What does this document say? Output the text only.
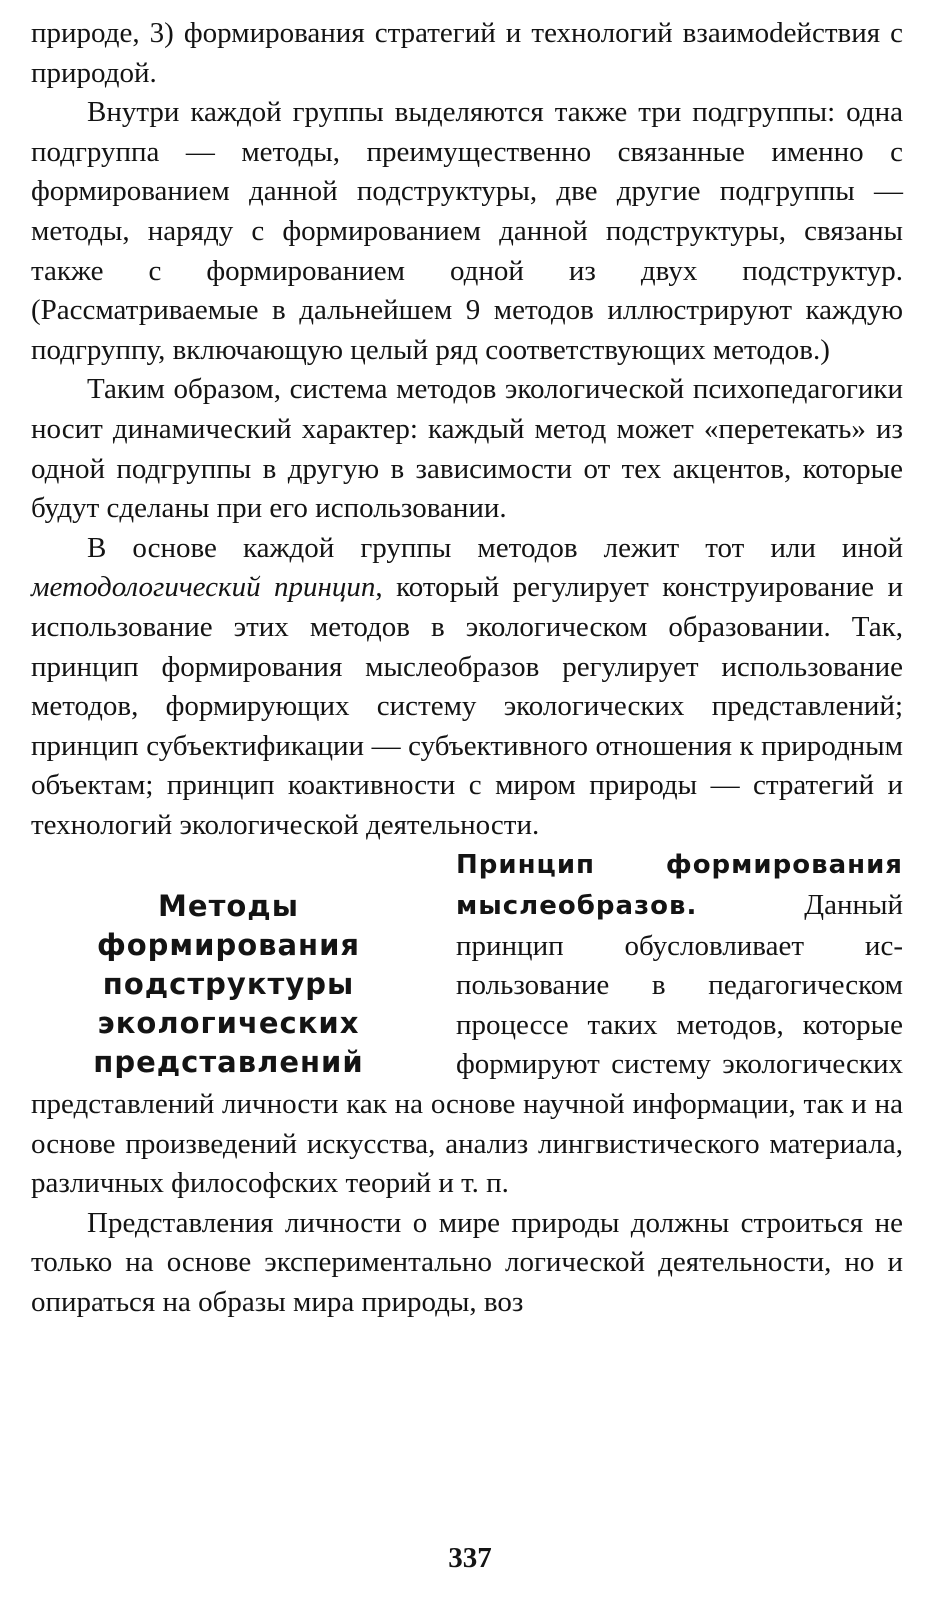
природе, 3) формирования стратегий и технологий взаимоdействия с природой.

Внутри каждой группы выделяются также три подгруппы: одна подгруппа — методы, преимущественно связанные именно с формированием данной подструктуры, две другие подгруппы — методы, наряду с формированием данной подструктуры, связаны также с формированием одной из двух подструктур. (Рассматриваемые в дальнейшем 9 методов иллюстрируют каждую подгруппу, включающую целый ряд соответствующих методов.)

Таким образом, система методов экологической психопедагогики носит динамический характер: каждый метод может «перетекать» из одной подгруппы в другую в зависимости от тех акцентов, которые будут сделаны при его использовании.

В основе каждой группы методов лежит тот или иной методологический принцип, который регулирует конструирование и использование этих методов в экологическом образовании. Так, принцип формирования мыслеобразов регулирует использование методов, формирующих систему экологических представлений; принцип субъектификации — субъективного отношения к природным объектам; принцип коактивности с миром природы — стратегий и технологий экологической деятельности.

Методы
формирования
подструктуры
экологических
представлений

Принцип формирования мыслеобразов.	Данный принцип обусловливает использование в педагогическом процессе таких методов, которые формируют систему экологических представлений личности как на основе научной информации, так и на основе произведений искусства, анализ лингвистического материала, различных философских теорий и т. п.

Представления личности о мире природы должны строиться не только на основе экспериментально логической деятельности, но и опираться на образы мира природы, воз

337
